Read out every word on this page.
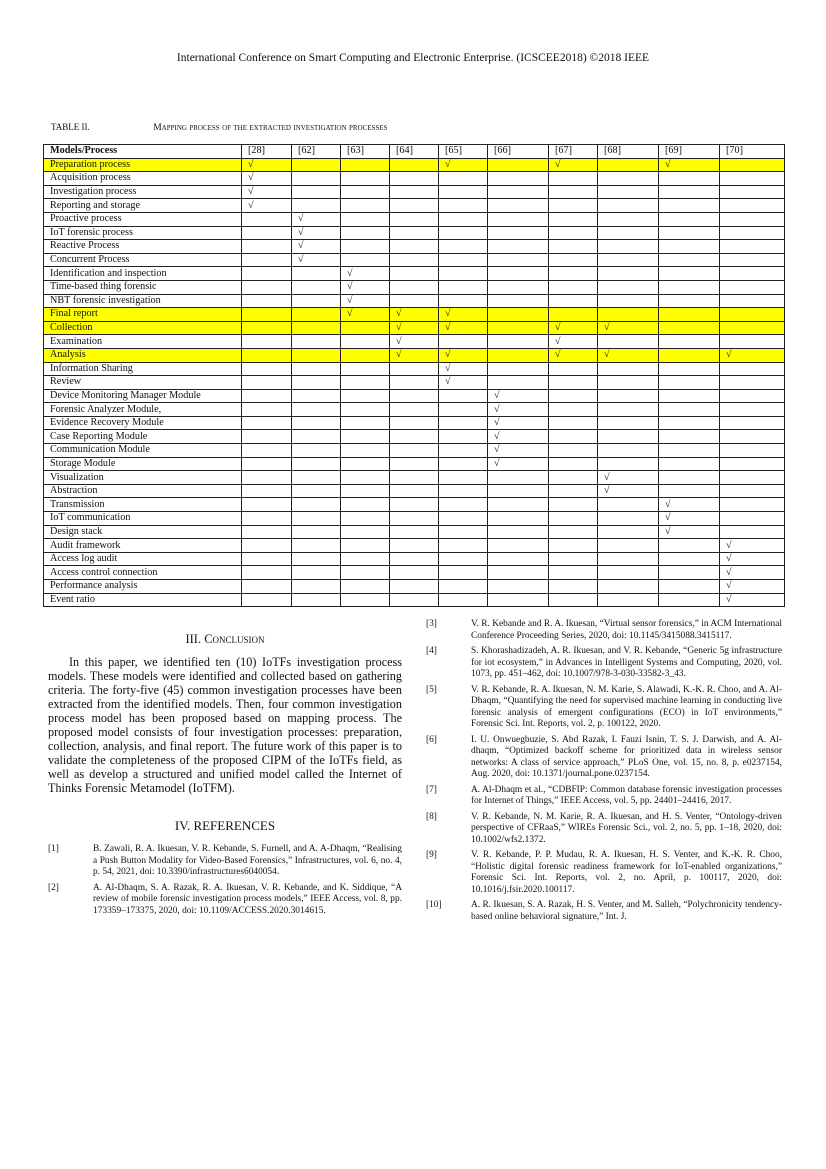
International Conference on Smart Computing and Electronic Enterprise. (ICSCEE2018) ©2018 IEEE
TABLE II.	Mapping process of the extracted investigation processes
Models/Process	[28]	[62]	[63]	[64]	[65]	[66]	[67]	[68]	[69]	[70]
Preparation process	√				√		√		√	
Acquisition process	√									
Investigation process	√									
Reporting and storage	√									
Proactive process		√								
IoT forensic process		√								
Reactive Process		√								
Concurrent Process		√								
Identification and inspection			√							
Time-based thing forensic			√							
NBT forensic investigation			√							
Final report			√	√	√					
Collection				√	√		√	√		
Examination				√			√			
Analysis				√	√		√	√		√
Information Sharing					√					
Review					√					
Device Monitoring Manager Module						√				
Forensic Analyzer Module,						√				
Evidence Recovery Module						√				
Case Reporting Module						√				
Communication Module						√				
Storage Module						√				
Visualization								√		
Abstraction								√		
Transmission									√	
IoT communication									√	
Design stack									√	
Audit framework										√
Access log audit										√
Access control connection										√
Performance analysis										√
Event ratio										√
III. Conclusion

In this paper, we identified ten (10) IoTFs investigation process models. These models were identified and collected based on gathering criteria. The forty-five (45) common investigation processes have been extracted from the identified models. Then, four common investigation process model has been proposed based on mapping process. The proposed model consists of four investigation processes: preparation, collection, analysis, and final report. The future work of this paper is to validate the completeness of the proposed CIPM of the IoTFs field, as well as develop a structured and unified model called the Internet of Thinks Forensic Metamodel (IoTFM).

IV. REFERENCES
[1]	B. Zawali, R. A. Ikuesan, V. R. Kebande, S. Furnell, and A. A-Dhaqm, “Realising a Push Button Modality for Video-Based Forensics,” Infrastructures, vol. 6, no. 4, p. 54, 2021, doi: 10.3390/infrastructures6040054.
[2]	A. Al-Dhaqm, S. A. Razak, R. A. Ikuesan, V. R. Kebande, and K. Siddique, “A review of mobile forensic investigation process models,” IEEE Access, vol. 8, pp. 173359–173375, 2020, doi: 10.1109/ACCESS.2020.3014615.
[3]	V. R. Kebande and R. A. Ikuesan, “Virtual sensor forensics,” in ACM International Conference Proceeding Series, 2020, doi: 10.1145/3415088.3415117.
[4]	S. Khorashadizadeh, A. R. Ikuesan, and V. R. Kebande, “Generic 5g infrastructure for iot ecosystem,” in Advances in Intelligent Systems and Computing, 2020, vol. 1073, pp. 451–462, doi: 10.1007/978-3-030-33582-3_43.
[5]	V. R. Kebande, R. A. Ikuesan, N. M. Karie, S. Alawadi, K.-K. R. Choo, and A. Al-Dhaqm, “Quantifying the need for supervised machine learning in conducting live forensic analysis of emergent configurations (ECO) in IoT environments,” Forensic Sci. Int. Reports, vol. 2, p. 100122, 2020.
[6]	I. U. Onwuegbuzie, S. Abd Razak, I. Fauzi Isnin, T. S. J. Darwish, and A. Al-dhaqm, “Optimized backoff scheme for prioritized data in wireless sensor networks: A class of service approach,” PLoS One, vol. 15, no. 8, p. e0237154, Aug. 2020, doi: 10.1371/journal.pone.0237154.
[7]	A. Al-Dhaqm et al., “CDBFIP: Common database forensic investigation processes for Internet of Things,” IEEE Access, vol. 5, pp. 24401–24416, 2017.
[8]	V. R. Kebande, N. M. Karie, R. A. Ikuesan, and H. S. Venter, “Ontology-driven perspective of CFRaaS,” WIREs Forensic Sci., vol. 2, no. 5, pp. 1–18, 2020, doi: 10.1002/wfs2.1372.
[9]	V. R. Kebande, P. P. Mudau, R. A. Ikuesan, H. S. Venter, and K.-K. R. Choo, “Holistic digital forensic readiness framework for IoT-enabled organizations,” Forensic Sci. Int. Reports, vol. 2, no. April, p. 100117, 2020, doi: 10.1016/j.fsir.2020.100117.
[10]	A. R. Ikuesan, S. A. Razak, H. S. Venter, and M. Salleh, “Polychronicity tendency-based online behavioral signature,” Int. J.
